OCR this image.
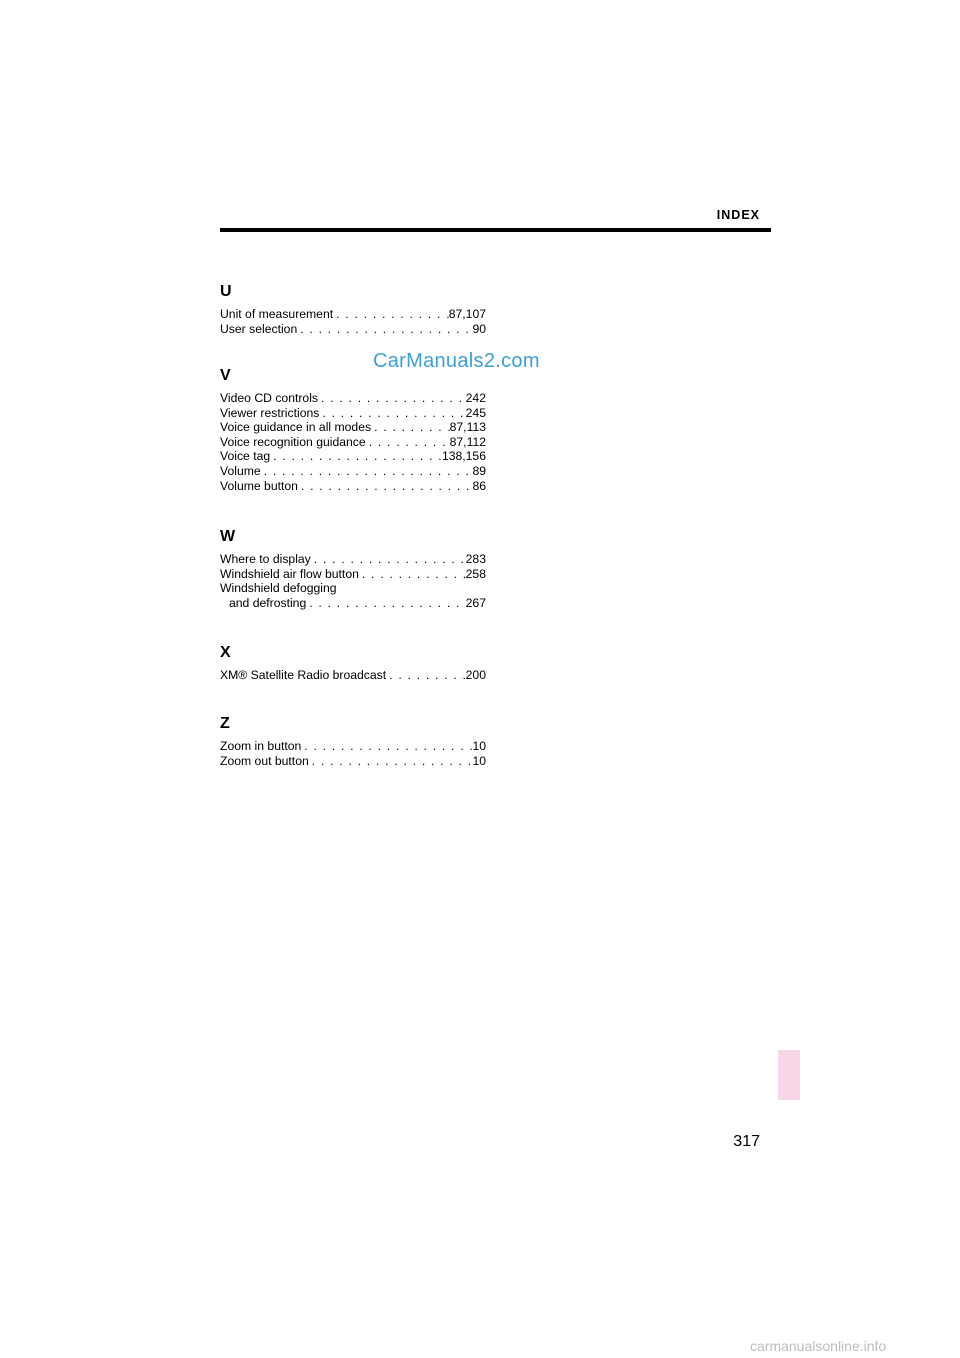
INDEX
CarManuals2.com
U
Unit of measurement . . .	87,107
User selection . . .	90
V
Video CD controls . . .	242
Viewer restrictions . . .	245
Voice guidance in all modes . . .	87,113
Voice recognition guidance . . .	87,112
Voice tag . . .	138,156
Volume . . .	89
Volume button . . .	86
W
Where to display . . .	283
Windshield air flow button . . .	258
Windshield defogging
and defrosting . . .	267
X
XM® Satellite Radio broadcast . . .	200
Z
Zoom in button . . .	10
Zoom out button . . .	10
317
carmanualsonline.info
